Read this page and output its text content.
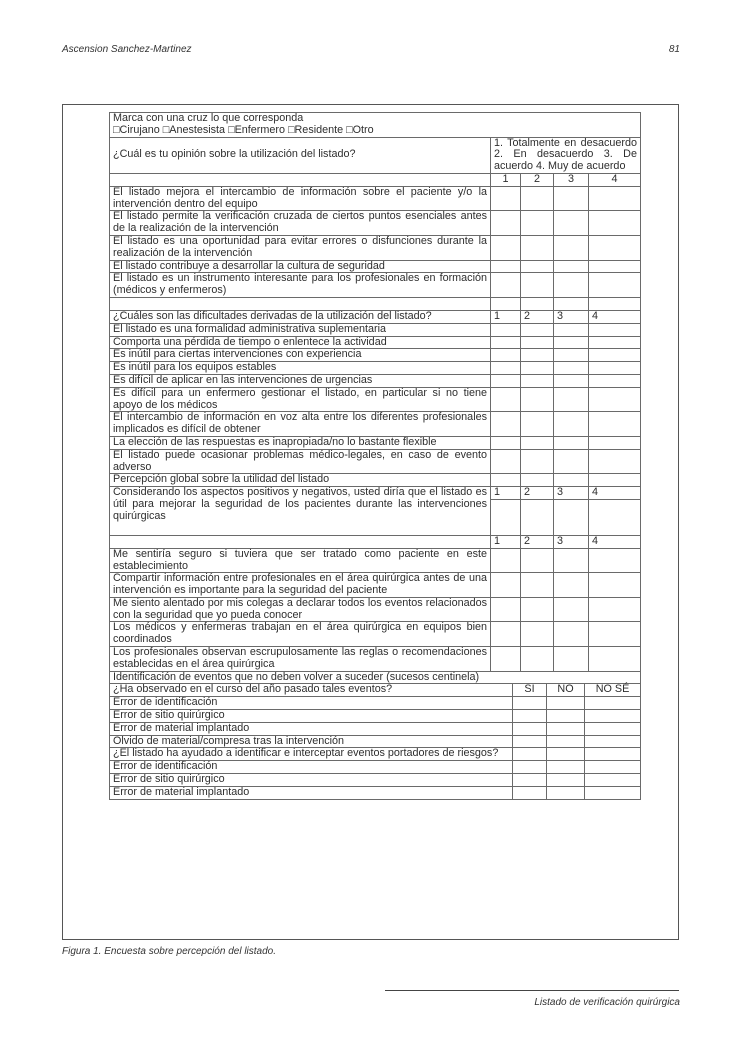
Ascension Sanchez-Martinez	81
Marca con una cruz lo que corresponda
□Cirujano □Anestesista □Enfermero □Residente □Otro				

¿Cuál es tu opinión sobre la utilización del listado?	1. Totalmente en desacuerdo 2. En desacuerdo 3. De acuerdo 4. Muy de acuerdo			
	1	2	3	4
El listado mejora el intercambio de información sobre el paciente y/o la intervención dentro del equipo				
El listado permite la verificación cruzada de ciertos puntos esenciales antes de la realización de la intervención				
El listado es una oportunidad para evitar errores o disfunciones durante la realización de la intervención				
El listado contribuye a desarrollar la cultura de seguridad				
El listado es un instrumento interesante para los profesionales en formación (médicos y enfermeros)				

¿Cuáles son las dificultades derivadas de la utilización del listado?	1	2	3	4
El listado es una formalidad administrativa suplementaria				
Comporta una pérdida de tiempo o enlentece la actividad				
Es inútil para ciertas intervenciones con experiencia				
Es inútil para los equipos estables				
Es difícil de aplicar en las intervenciones de urgencias				
Es difícil para un enfermero gestionar el listado, en particular si no tiene apoyo de los médicos				
El intercambio de información en voz alta entre los diferentes profesionales implicados es difícil de obtener				
La elección de las respuestas es inapropiada/no lo bastante flexible				
El listado puede ocasionar problemas médico-legales, en caso de evento adverso				
Percepción global sobre la utilidad del listado				
Considerando los aspectos positivos y negativos, usted diría que el listado es útil para mejorar la seguridad de los pacientes durante las intervenciones quirúrgicas	1	2	3	4

	1	2	3	4
Me sentiría seguro si tuviera que ser tratado como paciente en este establecimiento				
Compartir información entre profesionales en el área quirúrgica antes de una intervención es importante para la seguridad del paciente				
Me siento alentado por mis colegas a declarar todos los eventos relacionados con la seguridad que yo pueda conocer				
Los médicos y enfermeras trabajan en el área quirúrgica en equipos bien coordinados				
Los profesionales observan escrupulosamente las reglas o recomendaciones establecidas en el área quirúrgica				
Identificación de eventos que no deben volver a suceder (sucesos centinela)			
¿Ha observado en el curso del año pasado tales eventos?	SI	NO	NO SÉ
Error de identificación			
Error de sitio quirúrgico			
Error de material implantado			
Olvido de material/compresa tras la intervención			
¿El listado ha ayudado a identificar e interceptar eventos portadores de riesgos?			
Error de identificación			
Error de sitio quirúrgico			
Error de material implantado			
Figura 1. Encuesta sobre percepción del listado.
Listado de verificación quirúrgica
